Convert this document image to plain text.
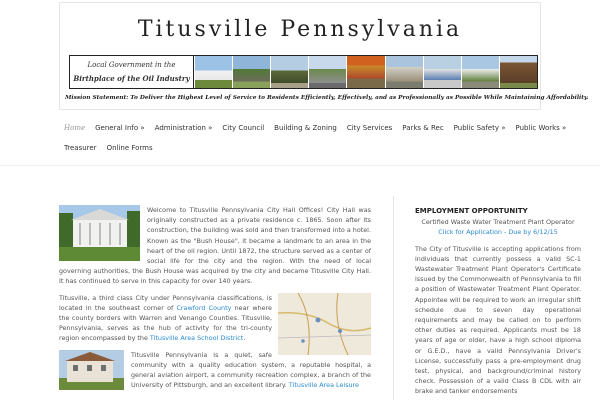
Titusville Pennsylvania
Local Government in the
Birthplace of the Oil Industry
Mission Statement: To Deliver the Highest Level of Service to Residents Efficiently, Effectively, and as Professionally as Possible While Maintaining Affordability.
Home	General Info »	Administration »	City Council	Building & Zoning	City Services	Parks & Rec	Public Safety »	Public Works »
Treasurer	Online Forms
Welcome to Titusville Pennsylvania City Hall Offices! City Hall was originally constructed as a private residence c. 1865. Soon after its construction, the building was sold and then transformed into a hotel. Known as the "Bush House", it became a landmark to an area in the heart of the oil region. Until 1872, the structure served as a center of social life for the city and the region. With the need of local governing authorities, the Bush House was acquired by the city and became Titusville City Hall. It has continued to serve in this capacity for over 140 years.
Titusville, a third class City under Pennsylvania classifications, is located in the southeast corner of Crawford County near where the county borders with Warren and Venango Counties. Titusville, Pennsylvania, serves as the hub of activity for the tri-county region encompassed by the Titusville Area School District.
Titusville Pennsylvania is a quiet, safe community with a quality education system, a reputable hospital, a general aviation airport, a community recreation complex, a branch of the University of Pittsburgh, and an excellent library. Titusville Area Leisure
EMPLOYMENT OPPORTUNITY
Certified Waste Water Treatment Plant Operator
Click for Application - Due by 6/12/15
The City of Titusville is accepting applications from individuals that currently possess a valid SC-1 Wastewater Treatment Plant Operator's Certificate issued by the Commonwealth of Pennsylvania to fill a position of Wastewater Treatment Plant Operator. Appointee will be required to work an irregular shift schedule due to seven day operational requirements and may be called on to perform other duties as required. Applicants must be 18 years of age or older, have a high school diploma or G.E.D., have a valid Pennsylvania Driver's License, successfully pass a pre-employment drug test, physical, and background/criminal history check. Possession of a valid Class B CDL with air brake and tanker endorsements
